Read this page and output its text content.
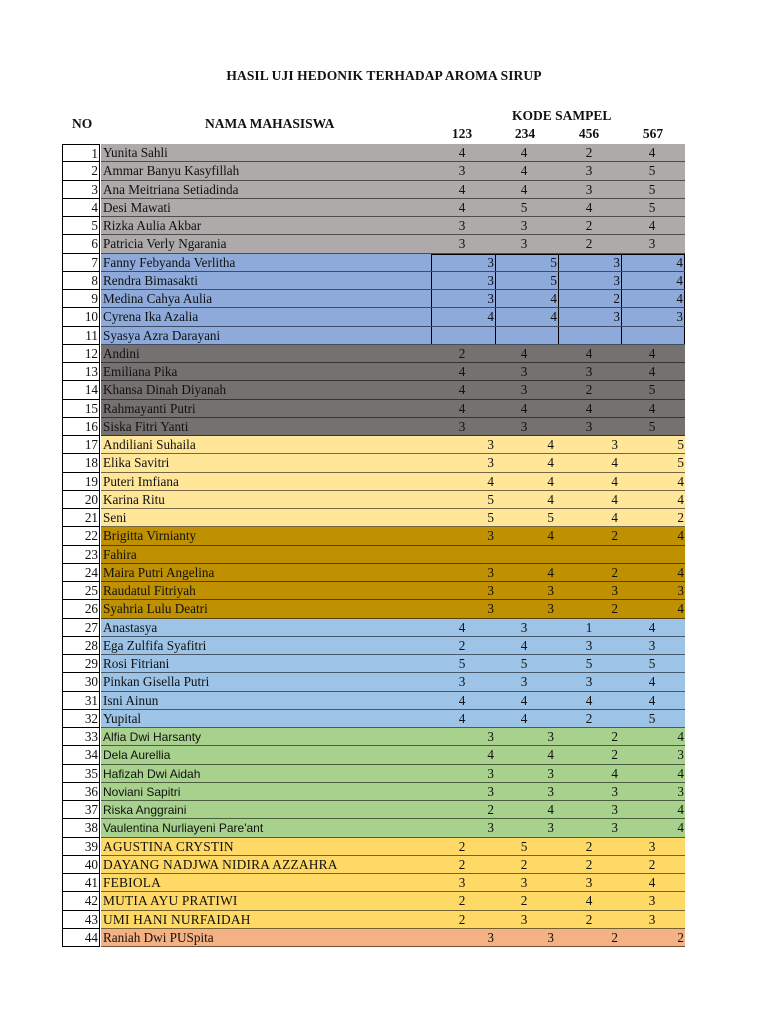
HASIL UJI HEDONIK TERHADAP AROMA SIRUP
NO	NAMA MAHASISWA
KODE SAMPEL
123	234	456	567
1 Yunita Sahli	4	4	2	4
2 Ammar Banyu Kasyfillah	3	4	3	5
3 Ana Meitriana Setiadinda	4	4	3	5
4 Desi Mawati	4	5	4	5
5 Rizka Aulia Akbar	3	3	2	4
6 Patricia Verly Ngarania	3	3	2	3
7 Fanny Febyanda Verlitha	3	5	3	4
8 Rendra Bimasakti	3	5	3	4
9 Medina Cahya Aulia	3	4	2	4
10 Cyrena Ika Azalia	4	4	3	3
11 Syasya Azra Darayani
12 Andini	2	4	4	4
13 Emiliana Pika	4	3	3	4
14 Khansa Dinah Diyanah	4	3	2	5
15 Rahmayanti Putri	4	4	4	4
16 Siska Fitri Yanti	3	3	3	5
17 Andiliani Suhaila	3	4	3	5
18 Elika Savitri	3	4	4	5
19 Puteri Imfiana	4	4	4	4
20 Karina Ritu	5	4	4	4
21 Seni	5	5	4	2
22 Brigitta Virnianty	3	4	2	4
23 Fahira
24 Maira Putri Angelina	3	4	2	4
25 Raudatul Fitriyah	3	3	3	3
26 Syahria Lulu Deatri	3	3	2	4
27 Anastasya	4	3	1	4
28 Ega Zulfifa Syafitri	2	4	3	3
29 Rosi Fitriani	5	5	5	5
30 Pinkan Gisella Putri	3	3	3	4
31 Isni Ainun	4	4	4	4
32 Yupital	4	4	2	5
33 Alfia Dwi Harsanty	3	3	2	4
34 Dela Aurellia	4	4	2	3
35 Hafizah Dwi Aidah	3	3	4	4
36 Noviani Sapitri	3	3	3	3
37 Riska Anggraini	2	4	3	4
38 Vaulentina Nurliayeni Pare'ant	3	3	3	4
39 AGUSTINA CRYSTIN	2	5	2	3
40 DAYANG NADJWA NIDIRA AZZAHRA	2	2	2	2
41 FEBIOLA	3	3	3	4
42 MUTIA AYU PRATIWI	2	2	4	3
43 UMI HANI NURFAIDAH	2	3	2	3
44 Raniah Dwi PUSpita	3	3	2	2
